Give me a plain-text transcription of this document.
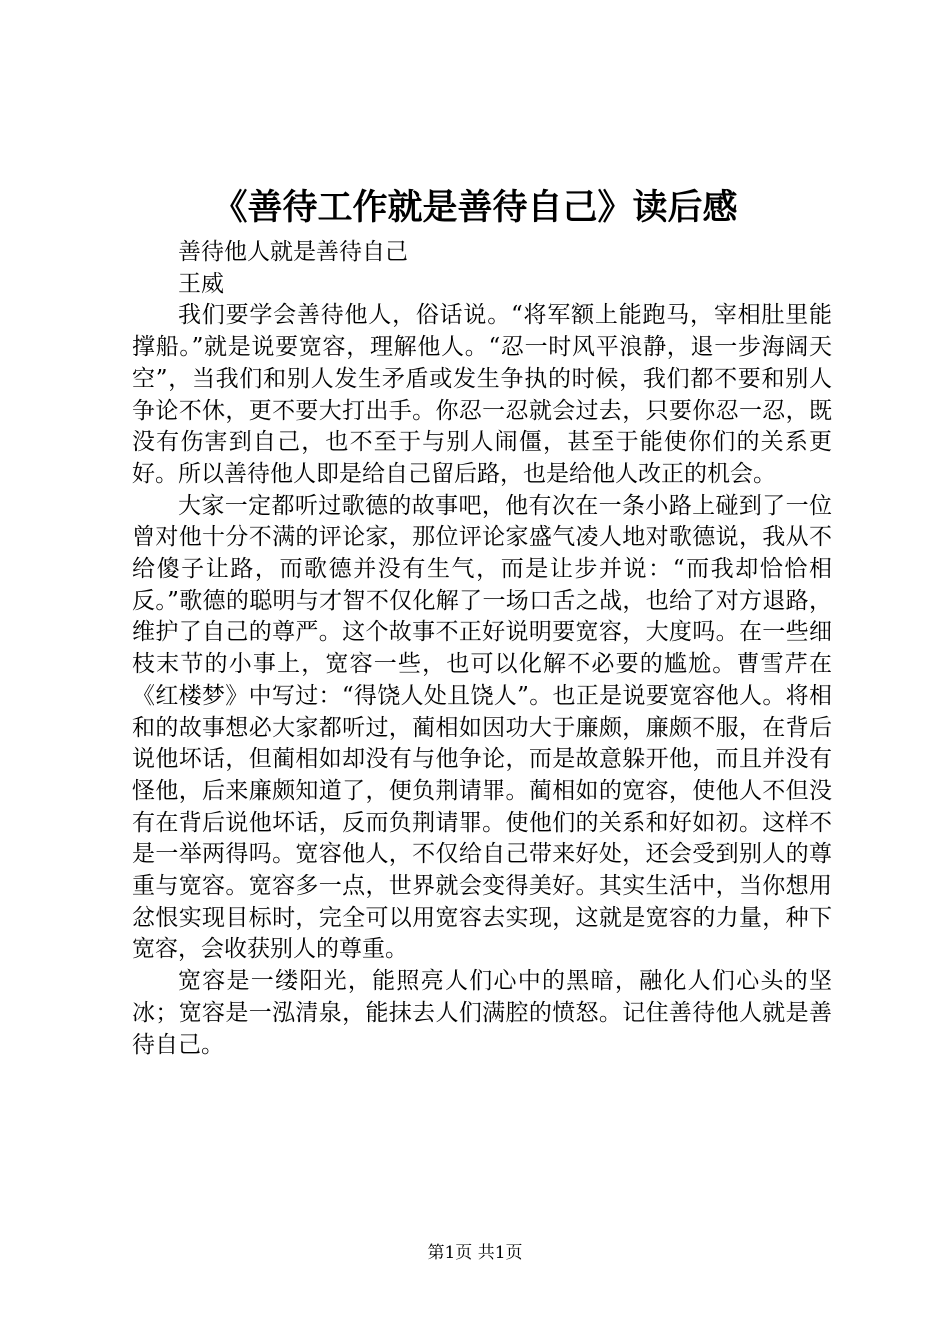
《善待工作就是善待自己》读后感

善待他人就是善待自己

王威

我们要学会善待他人，俗话说。“将军额上能跑马，宰相肚里能撑船。”就是说要宽容，理解他人。“忍一时风平浪静，退一步海阔天空”，当我们和别人发生矛盾或发生争执的时候，我们都不要和别人争论不休，更不要大打出手。你忍一忍就会过去，只要你忍一忍，既没有伤害到自己，也不至于与别人闹僵，甚至于能使你们的关系更好。所以善待他人即是给自己留后路，也是给他人改正的机会。

大家一定都听过歌德的故事吧，他有次在一条小路上碰到了一位曾对他十分不满的评论家，那位评论家盛气凌人地对歌德说，我从不给傻子让路，而歌德并没有生气，而是让步并说：“而我却恰恰相反。”歌德的聪明与才智不仅化解了一场口舌之战，也给了对方退路，维护了自己的尊严。这个故事不正好说明要宽容，大度吗。在一些细枝末节的小事上，宽容一些，也可以化解不必要的尴尬。曹雪芹在《红楼梦》中写过：“得饶人处且饶人”。也正是说要宽容他人。将相和的故事想必大家都听过，蔺相如因功大于廉颇，廉颇不服，在背后说他坏话，但蔺相如却没有与他争论，而是故意躲开他，而且并没有怪他，后来廉颇知道了，便负荆请罪。蔺相如的宽容，使他人不但没有在背后说他坏话，反而负荆请罪。使他们的关系和好如初。这样不是一举两得吗。宽容他人，不仅给自己带来好处，还会受到别人的尊重与宽容。宽容多一点，世界就会变得美好。其实生活中，当你想用忿恨实现目标时，完全可以用宽容去实现，这就是宽容的力量，种下宽容，会收获别人的尊重。

宽容是一缕阳光，能照亮人们心中的黑暗，融化人们心头的坚冰；宽容是一泓清泉，能抹去人们满腔的愤怒。记住善待他人就是善待自己。

第1页 共1页
